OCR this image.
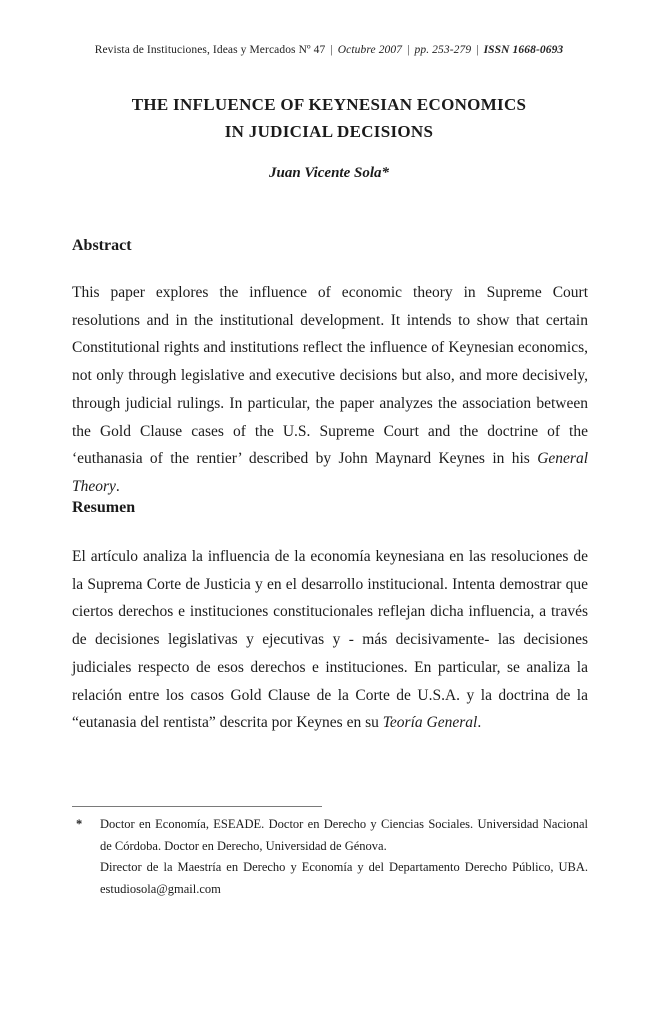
Revista de Instituciones, Ideas y Mercados Nº 47 | Octubre 2007 | pp. 253-279 | ISSN 1668-0693
THE INFLUENCE OF KEYNESIAN ECONOMICS
IN JUDICIAL DECISIONS
Juan Vicente Sola*
Abstract

This paper explores the influence of economic theory in Supreme Court resolutions and in the institutional development. It intends to show that certain Constitutional rights and institutions reflect the influence of Keynesian economics, not only through legislative and executive decisions but also, and more decisively, through judicial rulings. In particular, the paper analyzes the association between the Gold Clause cases of the U.S. Supreme Court and the doctrine of the ‘euthanasia of the rentier’ described by John Maynard Keynes in his General Theory.

Resumen

El artículo analiza la influencia de la economía keynesiana en las resoluciones de la Suprema Corte de Justicia y en el desarrollo institucional. Intenta demostrar que ciertos derechos e instituciones constitucionales reflejan dicha influencia, a través de decisiones legislativas y ejecutivas y - más decisivamente- las decisiones judiciales respecto de esos derechos e instituciones. En particular, se analiza la relación entre los casos Gold Clause de la Corte de U.S.A. y la doctrina de la “eutanasia del rentista” descrita por Keynes en su Teoría General.

*	Doctor en Economía, ESEADE. Doctor en Derecho y Ciencias Sociales. Universidad Nacional de Córdoba. Doctor en Derecho, Universidad de Génova.

Director de la Maestría en Derecho y Economía y del Departamento Derecho Público, UBA. estudiosola@gmail.com
